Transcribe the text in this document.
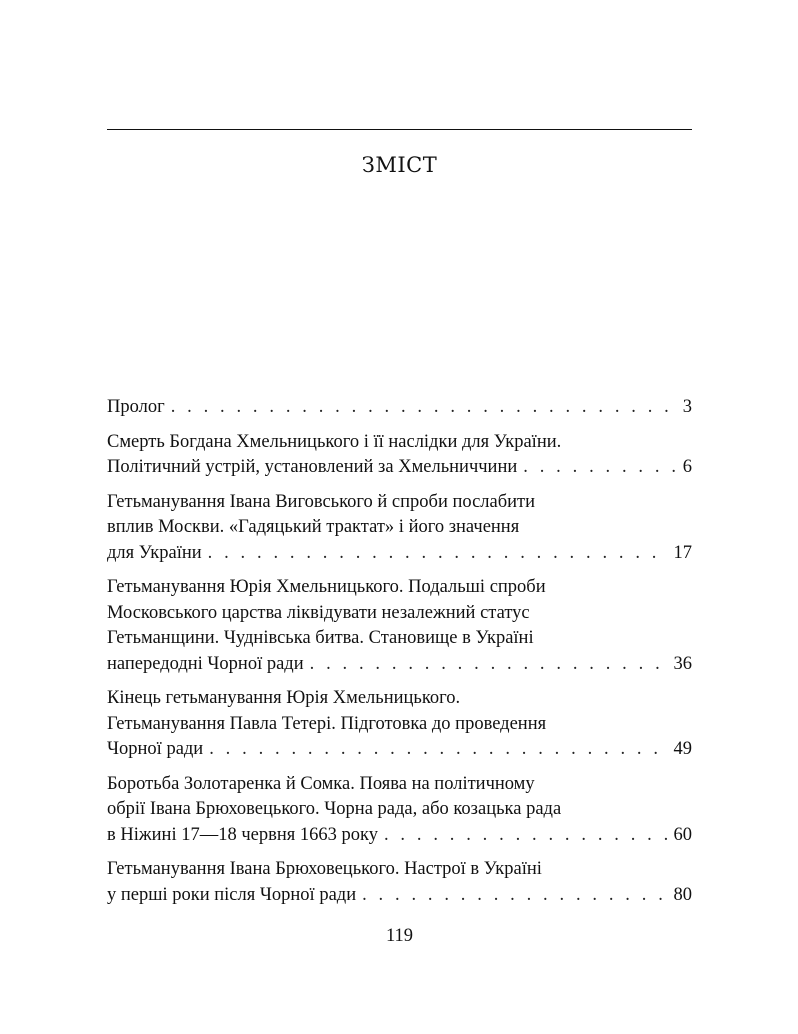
ЗМІСТ
Пролог . . .	3
Смерть Богдана Хмельницького і її наслідки для України.
Політичний устрій, установлений за Хмельниччини . . .	6
Гетьманування Івана Виговського й спроби послабити
вплив Москви. «Гадяцький трактат» і його значення
для України . . .	17
Гетьманування Юрія Хмельницького. Подальші спроби
Московського царства ліквідувати незалежний статус
Гетьманщини. Чуднівська битва. Становище в Україні
напередодні Чорної ради . . .	36
Кінець гетьманування Юрія Хмельницького.
Гетьманування Павла Тетері. Підготовка до проведення
Чорної ради . . .	49
Боротьба Золотаренка й Сомка. Поява на політичному
обрії Івана Брюховецького. Чорна рада, або козацька рада
в Ніжині 17—18 червня 1663 року . . .	60
Гетьманування Івана Брюховецького. Настрої в Україні
у перші роки після Чорної ради . . .	80
119
